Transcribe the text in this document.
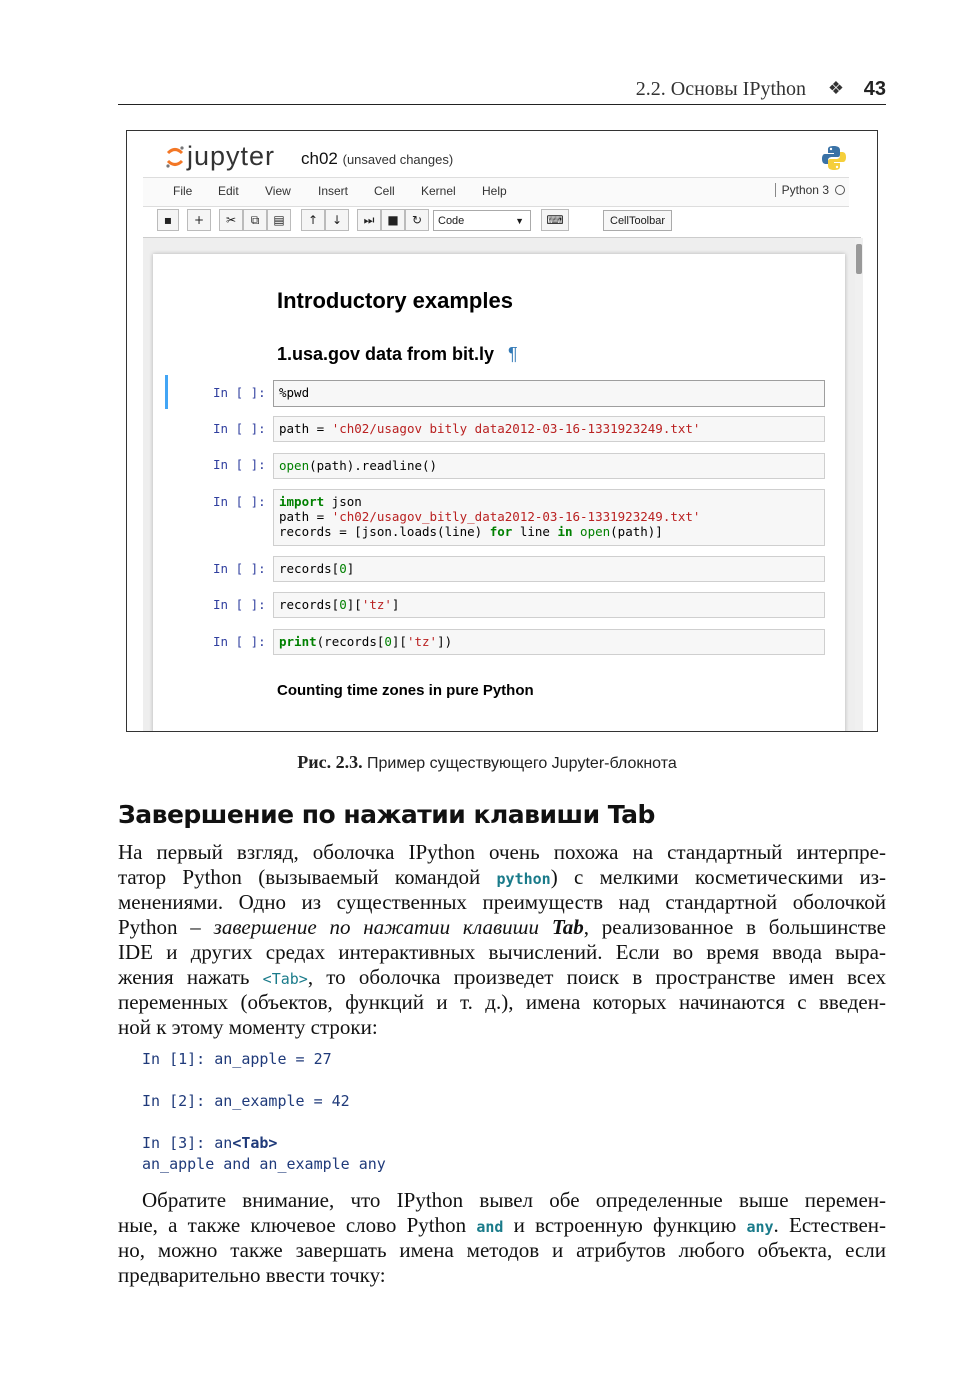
2.2. Основы IPython ❖ 43
jupyter ch02 (unsaved changes)
File Edit View Insert Cell Kernel Help	Python 3
▪	+	✂	⧉	▤	↑	↓	⏭	■	↻	Code	▼	⌨	CellToolbar
Introductory examples
1.usa.gov data from bit.ly ¶
In [ ]:	%pwd
In [ ]:	path = 'ch02/usagov bitly data2012-03-16-1331923249.txt'
In [ ]:	open(path).readline()
In [ ]:	import json
path = 'ch02/usagov_bitly_data2012-03-16-1331923249.txt'
records = [json.loads(line) for line in open(path)]
In [ ]:	records[0]
In [ ]:	records[0]['tz']
In [ ]:	print(records[0]['tz'])
Counting time zones in pure Python
Рис. 2.3. Пример существующего Jupyter-блокнота
Завершение по нажатии клавиши Tab
На первый взгляд, оболочка IPython очень похожа на стандартный интерпре-
татор Python (вызываемый командой python) с мелкими косметическими из-
менениями. Одно из существенных преимуществ над стандартной оболочкой
Python – завершение по нажатии клавиши Tab, реализованное в большинстве
IDE и других средах интерактивных вычислений. Если во время ввода выра-
жения нажать <Tab>, то оболочка произведет поиск в пространстве имен всех
переменных (объектов, функций и т. д.), имена которых начинаются с введен-
ной к этому моменту строки:
In [1]: an_apple = 27
In [2]: an_example = 42
In [3]: an<Tab>
an_apple and an_example any
Обратите внимание, что IPython вывел обе определенные выше перемен-
ные, а также ключевое слово Python and и встроенную функцию any. Естествен-
но, можно также завершать имена методов и атрибутов любого объекта, если
предварительно ввести точку:
